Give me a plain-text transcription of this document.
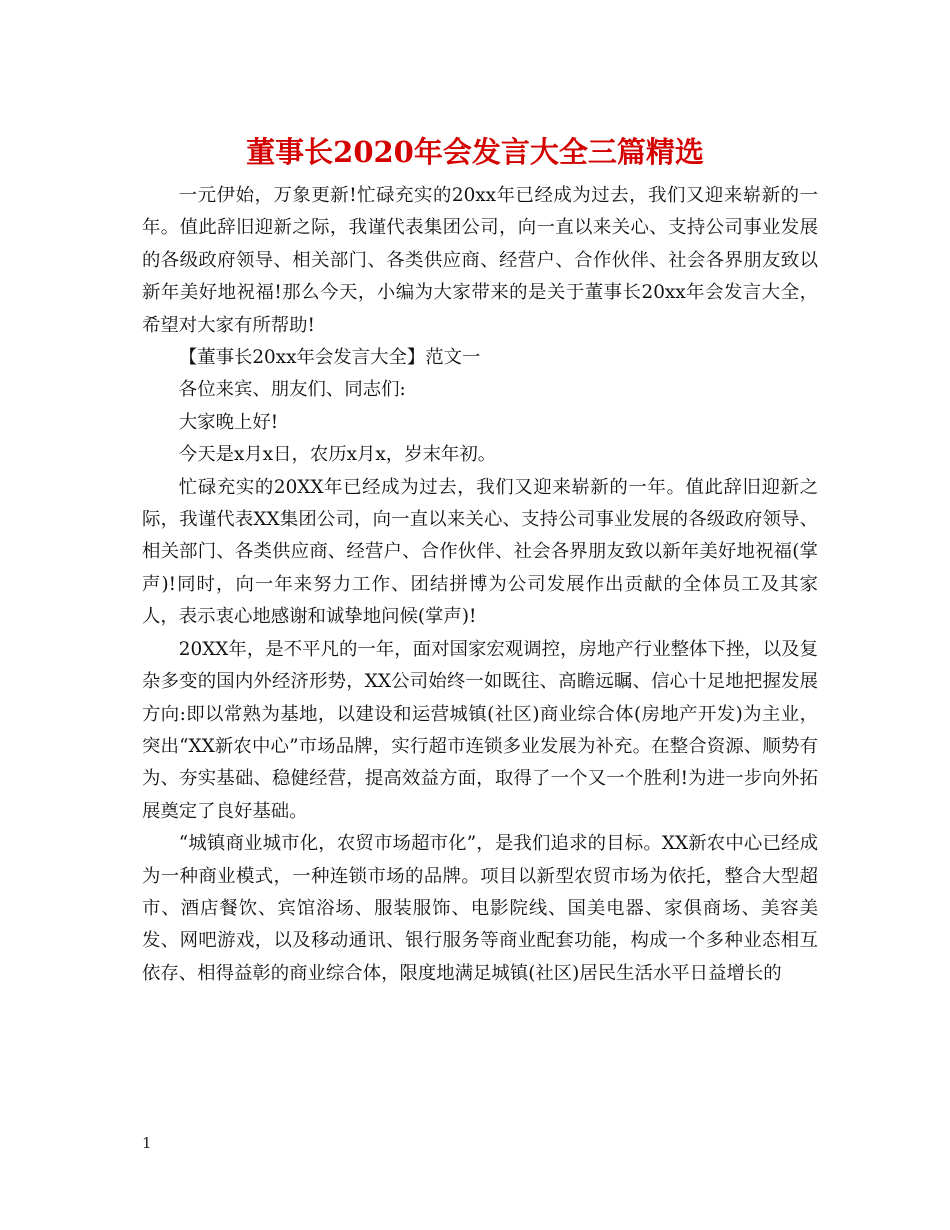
董事长2020年会发言大全三篇精选

一元伊始，万象更新!忙碌充实的20xx年已经成为过去，我们又迎来崭新的一年。值此辞旧迎新之际，我谨代表集团公司，向一直以来关心、支持公司事业发展的各级政府领导、相关部门、各类供应商、经营户、合作伙伴、社会各界朋友致以新年美好地祝福!那么今天，小编为大家带来的是关于董事长20xx年会发言大全，希望对大家有所帮助!

【董事长20xx年会发言大全】范文一

各位来宾、朋友们、同志们:

大家晚上好!

今天是x月x日，农历x月x，岁末年初。

忙碌充实的20XX年已经成为过去，我们又迎来崭新的一年。值此辞旧迎新之际，我谨代表XX集团公司，向一直以来关心、支持公司事业发展的各级政府领导、相关部门、各类供应商、经营户、合作伙伴、社会各界朋友致以新年美好地祝福(掌声)!同时，向一年来努力工作、团结拼博为公司发展作出贡献的全体员工及其家人，表示衷心地感谢和诚挚地问候(掌声)!

20XX年，是不平凡的一年，面对国家宏观调控，房地产行业整体下挫，以及复杂多变的国内外经济形势，XX公司始终一如既往、高瞻远瞩、信心十足地把握发展方向:即以常熟为基地，以建设和运营城镇(社区)商业综合体(房地产开发)为主业，突出“XX新农中心”市场品牌，实行超市连锁多业发展为补充。在整合资源、顺势有为、夯实基础、稳健经营，提高效益方面，取得了一个又一个胜利!为进一步向外拓展奠定了良好基础。

“城镇商业城市化，农贸市场超市化”，是我们追求的目标。XX新农中心已经成为一种商业模式，一种连锁市场的品牌。项目以新型农贸市场为依托，整合大型超市、酒店餐饮、宾馆浴场、服装服饰、电影院线、国美电器、家俱商场、美容美发、网吧游戏，以及移动通讯、银行服务等商业配套功能，构成一个多种业态相互依存、相得益彰的商业综合体，限度地满足城镇(社区)居民生活水平日益增长的

1
